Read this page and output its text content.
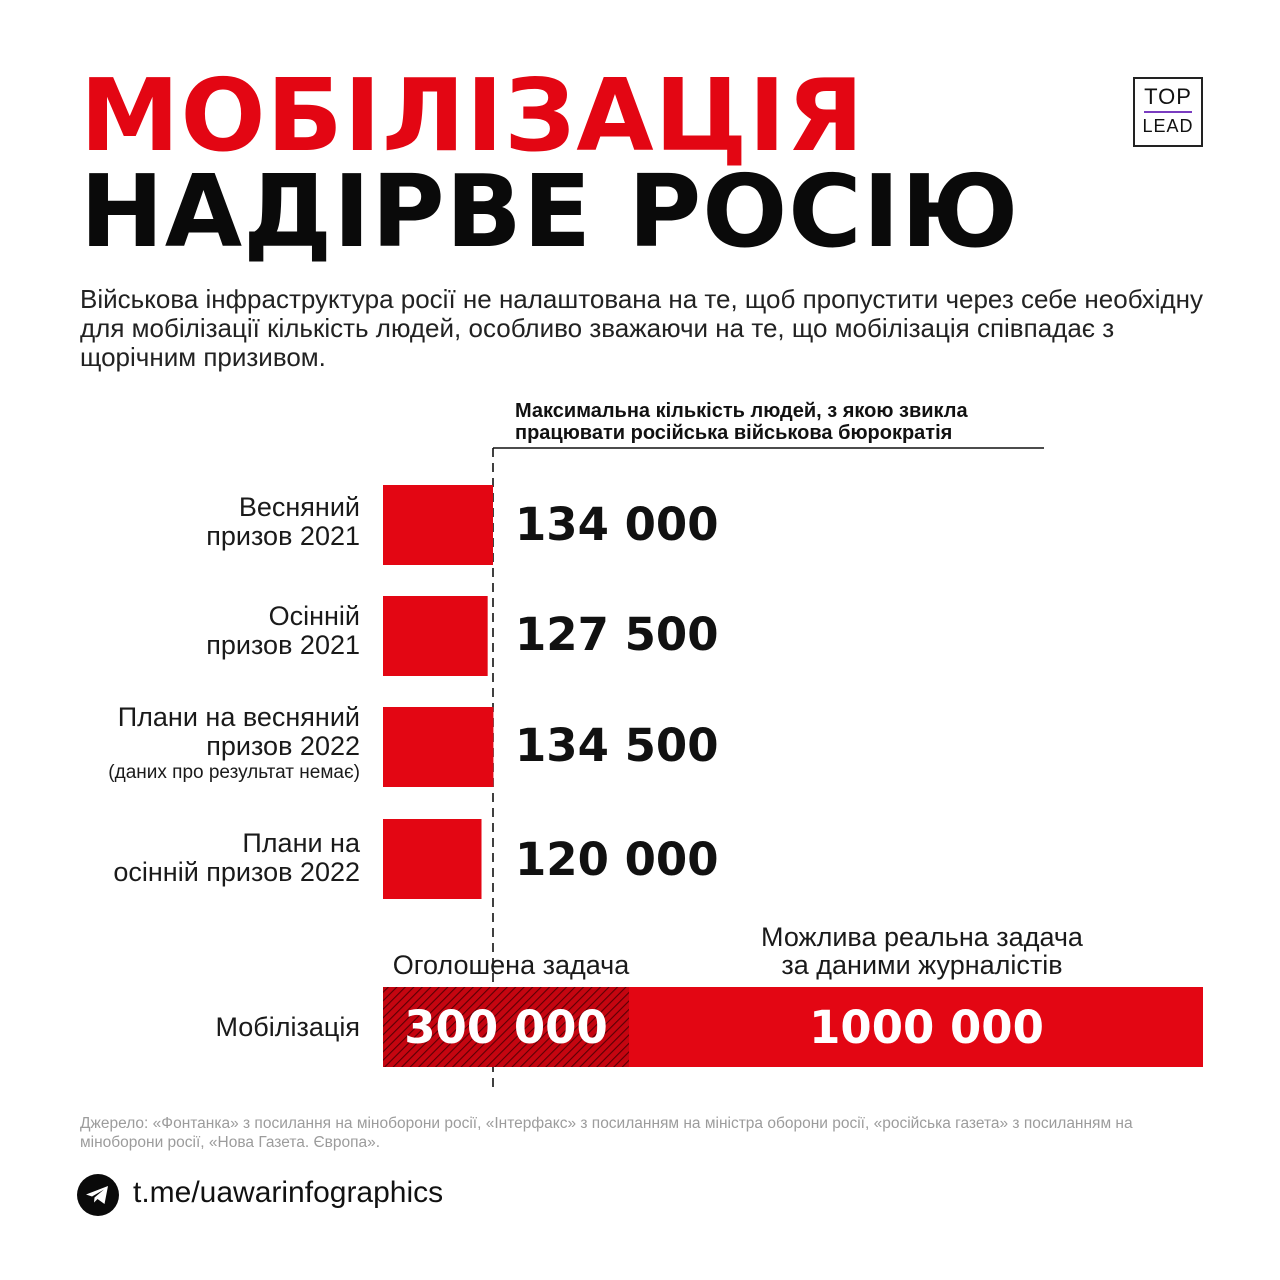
МОБІЛІЗАЦІЯ
НАДІРВЕ РОСІЮ
TOP
LEAD
Військова інфраструктура росії не налаштована на те, щоб пропустити через себе необхідну для мобілізації кількість людей, особливо зважаючи на те, що мобілізація співпадає з щорічним призивом.
Максимальна кількість людей, з якою звикла працювати російська військова бюрократія
Весняний
призов 2021
Осінній
призов 2021
Плани на весняний
призов 2022
(даних про результат немає)
Плани на
осінній призов 2022
134 000
127 500
134 500
120 000
Оголошена задача
Можлива реальна задача
за даними журналістів
Мобілізація 300 000	1000 000
Джерело: «Фонтанка» з посилання на міноборони росії, «Інтерфакс» з посиланням на міністра оборони росії, «російська газета» з посиланням на міноборони росії, «Нова Газета. Європа».
t.me/uawarinfographics
